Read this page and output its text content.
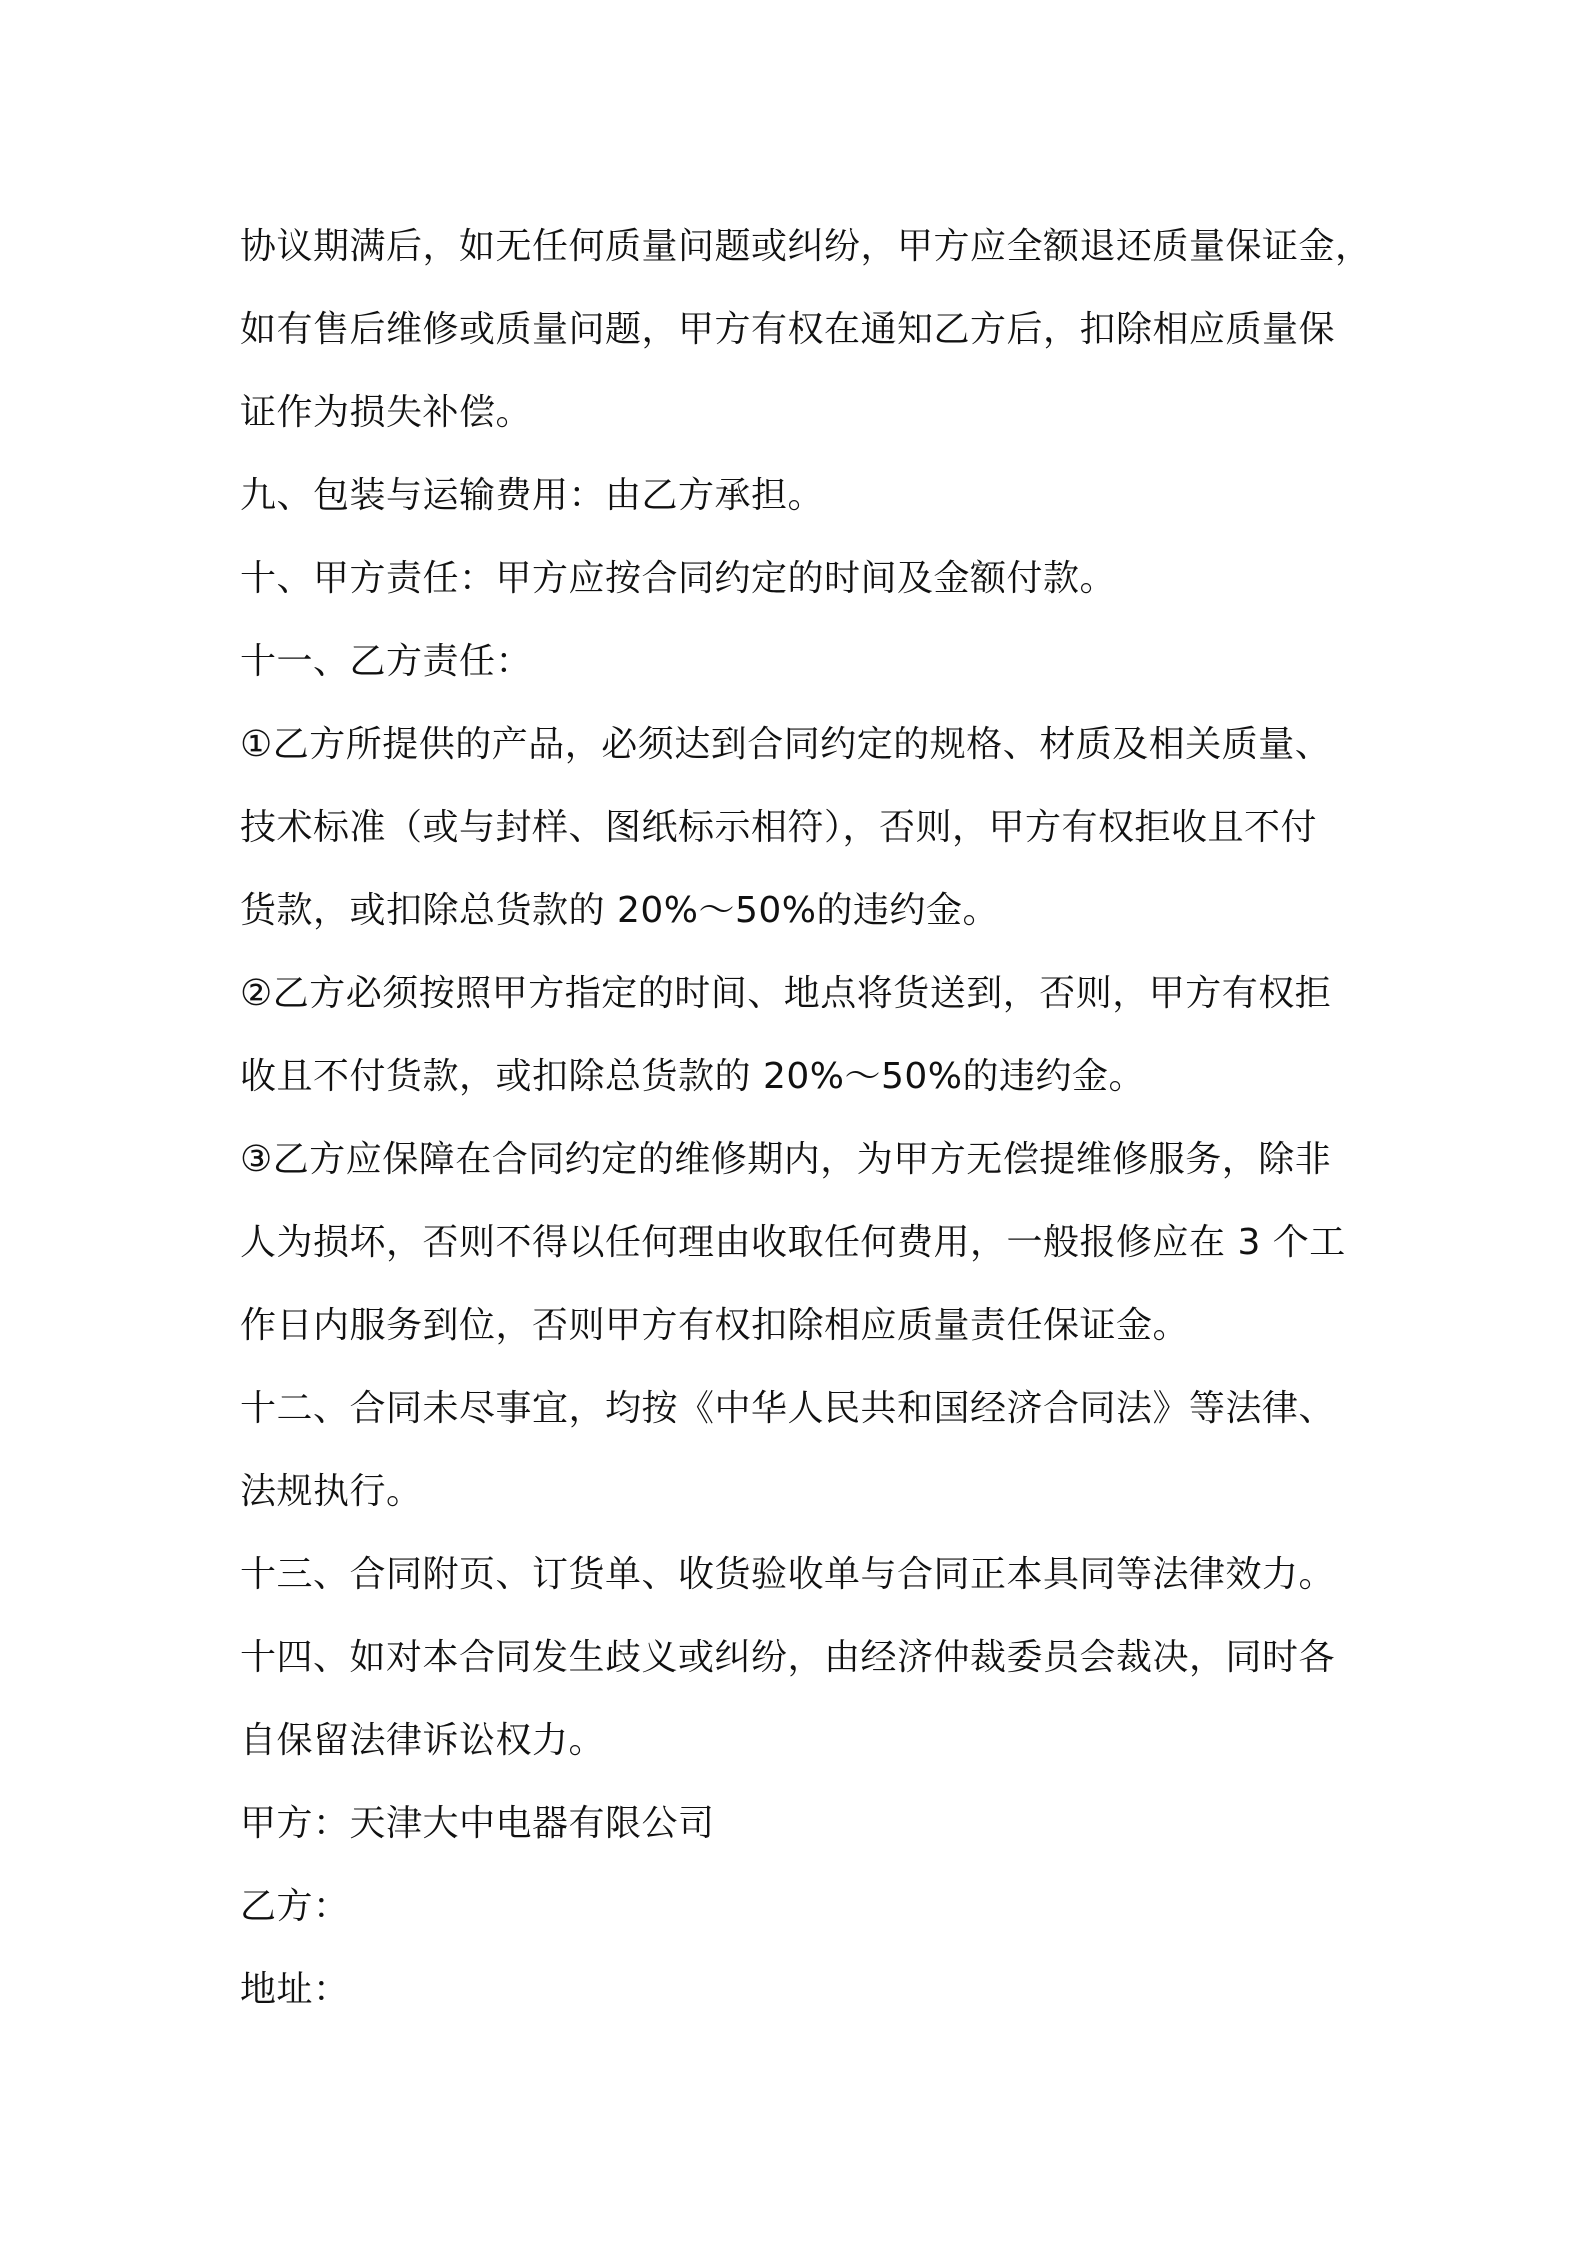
协议期满后，如无任何质量问题或纠纷，甲方应全额退还质量保证金，
如有售后维修或质量问题，甲方有权在通知乙方后，扣除相应质量保
证作为损失补偿。
九、包装与运输费用：由乙方承担。
十、甲方责任：甲方应按合同约定的时间及金额付款。
十一、乙方责任：
①乙方所提供的产品，必须达到合同约定的规格、材质及相关质量、
技术标准（或与封样、图纸标示相符），否则，甲方有权拒收且不付
货款，或扣除总货款的 20%～50%的违约金。
②乙方必须按照甲方指定的时间、地点将货送到，否则，甲方有权拒
收且不付货款，或扣除总货款的 20%～50%的违约金。
③乙方应保障在合同约定的维修期内，为甲方无偿提维修服务，除非
人为损坏，否则不得以任何理由收取任何费用，一般报修应在 3 个工
作日内服务到位，否则甲方有权扣除相应质量责任保证金。
十二、合同未尽事宜，均按《中华人民共和国经济合同法》等法律、
法规执行。
十三、合同附页、订货单、收货验收单与合同正本具同等法律效力。
十四、如对本合同发生歧义或纠纷，由经济仲裁委员会裁决，同时各
自保留法律诉讼权力。
甲方：天津大中电器有限公司
乙方：
地址：
